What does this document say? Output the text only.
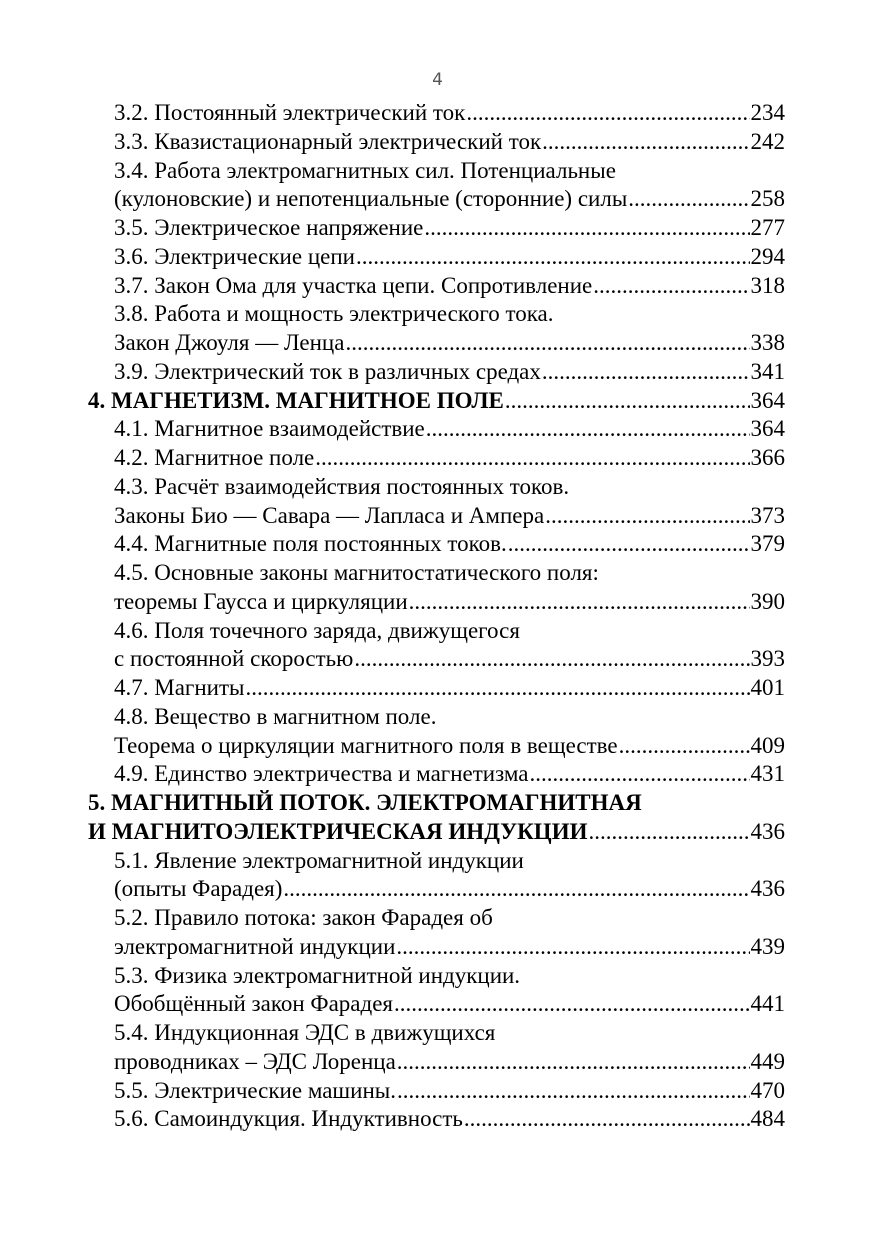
4
3.2. Постоянный электрический ток .....	234
3.3. Квазистационарный электрический ток .....	242
3.4. Работа электромагнитных сил. Потенциальные
(кулоновские) и непотенциальные (сторонние) силы .....	258
3.5. Электрическое напряжение .....	277
3.6. Электрические цепи .....	294
3.7. Закон Ома для участка цепи. Сопротивление .....	318
3.8. Работа и мощность электрического тока.
Закон Джоуля — Ленца .....	338
3.9. Электрический ток в различных средах .....	341
4. МАГНЕТИЗМ. МАГНИТНОЕ ПОЛЕ .....	364
4.1. Магнитное взаимодействие .....	364
4.2. Магнитное поле .....	366
4.3. Расчёт взаимодействия постоянных токов.
Законы Био — Савара — Лапласа и Ампера .....	373
4.4. Магнитные поля постоянных токов. .....	379
4.5. Основные законы магнитостатического поля:
теоремы Гаусса и циркуляции .....	390
4.6. Поля точечного заряда, движущегося
с постоянной скоростью .....	393
4.7. Магниты .....	401
4.8. Вещество в магнитном поле.
Теорема о циркуляции магнитного поля в веществе .....	409
4.9. Единство электричества и магнетизма .....	431
5. МАГНИТНЫЙ ПОТОК. ЭЛЕКТРОМАГНИТНАЯ
И МАГНИТОЭЛЕКТРИЧЕСКАЯ ИНДУКЦИИ .....	436
5.1. Явление электромагнитной индукции
(опыты Фарадея) .....	436
5.2. Правило потока: закон Фарадея об
электромагнитной индукции .....	439
5.3. Физика электромагнитной индукции.
Обобщённый закон Фарадея .....	441
5.4. Индукционная ЭДС в движущихся
проводниках – ЭДС Лоренца .....	449
5.5. Электрические машины. .....	470
5.6. Самоиндукция. Индуктивность .....	484
